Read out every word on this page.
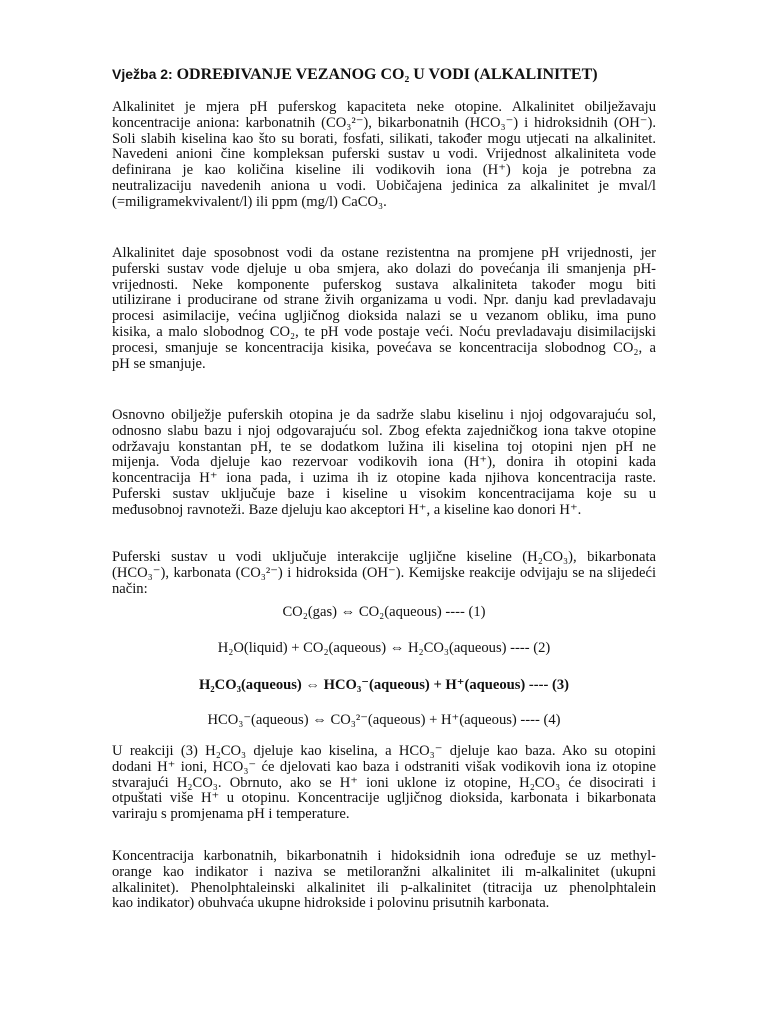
Vježba 2: ODREĐIVANJE VEZANOG CO₂ U VODI (ALKALINITET)
Alkalinitet je mjera pH puferskog kapaciteta neke otopine. Alkalinitet obilježavaju
koncentracije aniona: karbonatnih (CO₃²⁻), bikarbonatnih (HCO₃⁻) i hidroksidnih (OH⁻).
Soli slabih kiselina kao što su borati, fosfati, silikati, također mogu utjecati na alkalinitet.
Navedeni anioni čine kompleksan puferski sustav u vodi. Vrijednost alkaliniteta vode
definirana je kao količina kiseline ili vodikovih iona (H⁺) koja je potrebna za
neutralizaciju navedenih aniona u vodi. Uobičajena jedinica za alkalinitet je mval/l
(=miligramekvivalent/l) ili ppm (mg/l) CaCO₃.
Alkalinitet daje sposobnost vodi da ostane rezistentna na promjene pH vrijednosti, jer
puferski sustav vode djeluje u oba smjera, ako dolazi do povećanja ili smanjenja pH-
vrijednosti. Neke komponente puferskog sustava alkaliniteta također mogu biti
utilizirane i producirane od strane živih organizama u vodi. Npr. danju kad prevladavaju
procesi asimilacije, većina ugljičnog dioksida nalazi se u vezanom obliku, ima puno
kisika, a malo slobodnog CO₂, te pH vode postaje veći. Noću prevladavaju disimilacijski
procesi, smanjuje se koncentracija kisika, povećava se koncentracija slobodnog CO₂, a
pH se smanjuje.
Osnovno obilježje puferskih otopina je da sadrže slabu kiselinu i njoj odgovarajuću sol,
odnosno slabu bazu i njoj odgovarajuću sol. Zbog efekta zajedničkog iona takve otopine
održavaju konstantan pH, te se dodatkom lužina ili kiselina toj otopini njen pH ne
mijenja. Voda djeluje kao rezervoar vodikovih iona (H⁺), donira ih otopini kada
koncentracija H⁺ iona pada, i uzima ih iz otopine kada njihova koncentracija raste.
Puferski sustav uključuje baze i kiseline u visokim koncentracijama koje su u
međusobnoj ravnoteži. Baze djeluju kao akceptori H⁺, a kiseline kao donori H⁺.
Puferski sustav u vodi uključuje interakcije ugljične kiseline (H₂CO₃), bikarbonata
(HCO₃⁻), karbonata (CO₃²⁻) i hidroksida (OH⁻). Kemijske reakcije odvijaju se na slijedeći
način:
CO₂(gas) ⇔ CO₂(aqueous) ---- (1)
H₂O(liquid) + CO₂(aqueous) ⇔ H₂CO₃(aqueous) ---- (2)
H₂CO₃(aqueous) ⇔ HCO₃⁻(aqueous) + H⁺(aqueous) ---- (3)
HCO₃⁻(aqueous) ⇔ CO₃²⁻(aqueous) + H⁺(aqueous) ---- (4)
U reakciji (3) H₂CO₃ djeluje kao kiselina, a HCO₃⁻ djeluje kao baza. Ako su otopini
dodani H⁺ ioni, HCO₃⁻ će djelovati kao baza i odstraniti višak vodikovih iona iz otopine
stvarajući H₂CO₃. Obrnuto, ako se H⁺ ioni uklone iz otopine, H₂CO₃ će disocirati i
otpuštati više H⁺ u otopinu. Koncentracije ugljičnog dioksida, karbonata i bikarbonata
variraju s promjenama pH i temperature.
Koncentracija karbonatnih, bikarbonatnih i hidoksidnih iona određuje se uz methyl-
orange kao indikator i naziva se metiloranžni alkalinitet ili m-alkalinitet (ukupni
alkalinitet). Phenolphtaleinski alkalinitet ili p-alkalinitet (titracija uz phenolphtalein
kao indikator) obuhvaća ukupne hidrokside i polovinu prisutnih karbonata.
